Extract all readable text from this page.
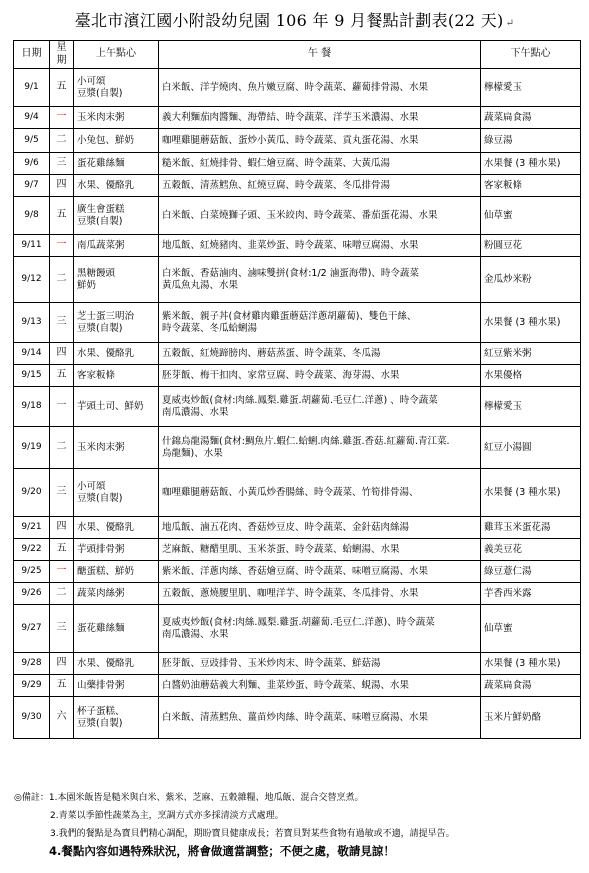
臺北市濱江國小附設幼兒園 106 年 9 月餐點計劃表(22 天) ↵
日期	星期	上午點心	午 餐	下午點心
9/1	五	小可頌
豆漿(自製)	白米飯、洋芋燒肉、魚片嫩豆腐、時令蔬菜、蘿蔔排骨湯、水果	檸檬愛玉

9/4	一	玉米肉末粥	義大利麵茄肉醬麵、海帶結、時令蔬菜、洋芋玉米濃湯、水果	蔬菜扁食湯

9/5	二	小兔包、鮮奶	咖哩雞腿蘑菇飯、蛋炒小黃瓜、時令蔬菜、貢丸蛋花湯、水果	綠豆湯

9/6	三	蛋花雞絲麵	糙米飯、紅燒排骨、蝦仁燴豆腐、時令蔬菜、大黃瓜湯	水果餐 (3 種水果)

9/7	四	水果、優酪乳	五穀飯、清蒸鱈魚、紅燒豆腐、時令蔬菜、冬瓜排骨湯	客家粄條

9/8	五	廣生會蛋糕
豆漿(自製)	白米飯、白菜燒獅子頭、玉米絞肉、時令蔬菜、番茄蛋花湯、水果	仙草蜜

9/11	一	南瓜蔬菜粥	地瓜飯、紅燒豬肉、韭菜炒蛋、時令蔬菜、味噌豆腐湯、水果	粉圓豆花

9/12	二	黑糖饅頭
鮮奶	白米飯、香菇滷肉、滷味雙拼(食材:1/2 滷蛋海帶)、時令蔬菜
黃瓜魚丸湯、水果	金瓜炒米粉

9/13	三	芝士蛋三明治
豆漿(自製)	紫米飯、親子丼(食材雞肉雞蛋蘑菇洋蔥胡蘿蔔)、雙色干絲、
時令蔬菜、冬瓜蛤蜊湯	水果餐 (3 種水果)

9/14	四	水果、優酪乳	五穀飯、紅燒蹄膀肉、蘑菇蒸蛋、時令蔬菜、冬瓜湯	紅豆紫米粥

9/15	五	客家粄條	胚芽飯、梅干扣肉、家常豆腐、時令蔬菜、海芽湯、水果	水果優格

9/18	一	芋頭土司、鮮奶	夏威夷炒飯(食材:肉絲.鳳梨.雞蛋.胡蘿蔔.毛豆仁.洋蔥) 、時令蔬菜
南瓜濃湯、水果	檸檬愛玉

9/19	二	玉米肉末粥	什錦烏龍湯麵(食材:鯛魚片.蝦仁.蛤蜊.肉絲.雞蛋.香菇.紅蘿蔔.青江菜.
烏龍麵)、水果	紅豆小湯圓

9/20	三	小可頌
豆漿(自製)	咖哩雞腿蘑菇飯、小黃瓜炒香腸絲、時令蔬菜、竹筍排骨湯、	水果餐 (3 種水果)

9/21	四	水果、優酪乳	地瓜飯、滷五花肉、香菇炒豆皮、時令蔬菜、金針菇肉絲湯	雞茸玉米蛋花湯

9/22	五	芋頭排骨粥	芝麻飯、糖醋里肌、玉米茶蛋、時令蔬菜、蛤蜊湯、水果	義美豆花

9/25	一	醣蛋糕、鮮奶	紫米飯、洋蔥肉絲、香菇燴豆腐、時令蔬菜、味噌豆腐湯、水果	綠豆薏仁湯

9/26	二	蔬菜肉絲粥	五穀飯、蔥燒腰里肌、咖哩洋芋、時令蔬菜、冬瓜排骨、水果	芋香西米露

9/27	三	蛋花雞絲麵	夏威夷炒飯(食材:肉絲.鳳梨.雞蛋.胡蘿蔔.毛豆仁.洋蔥)、時令蔬菜
南瓜濃湯、水果	仙草蜜

9/28	四	水果、優酪乳	胚芽飯、豆豉排骨、玉米炒肉末、時令蔬菜、鮮菇湯	水果餐 (3 種水果)

9/29	五	山藥排骨粥	白醬奶油蘑菇義大利麵、韭菜炒蛋、時令蔬菜、蜆湯、水果	蔬菜扁食湯

9/30	六	杯子蛋糕、
豆漿(自製)	白米飯、清蒸鱈魚、薑苗炒肉絲、時令蔬菜、味噌豆腐湯、水果	玉米片鮮奶酪
◎備註： 1.本園米飯皆是糙米與白米、紫米、芝麻、五穀雜糧、地瓜飯、混合交替烹煮。
2.青菜以季節性蔬菜為主，烹調方式亦多採清淡方式處理。
3.我們的餐點是為寶貝們精心調配，期盼寶貝健康成長；若寶貝對某些食物有過敏或不適，請提早告。
4.餐點內容如遇特殊狀況，將會做適當調整；不便之處，敬請見諒！
